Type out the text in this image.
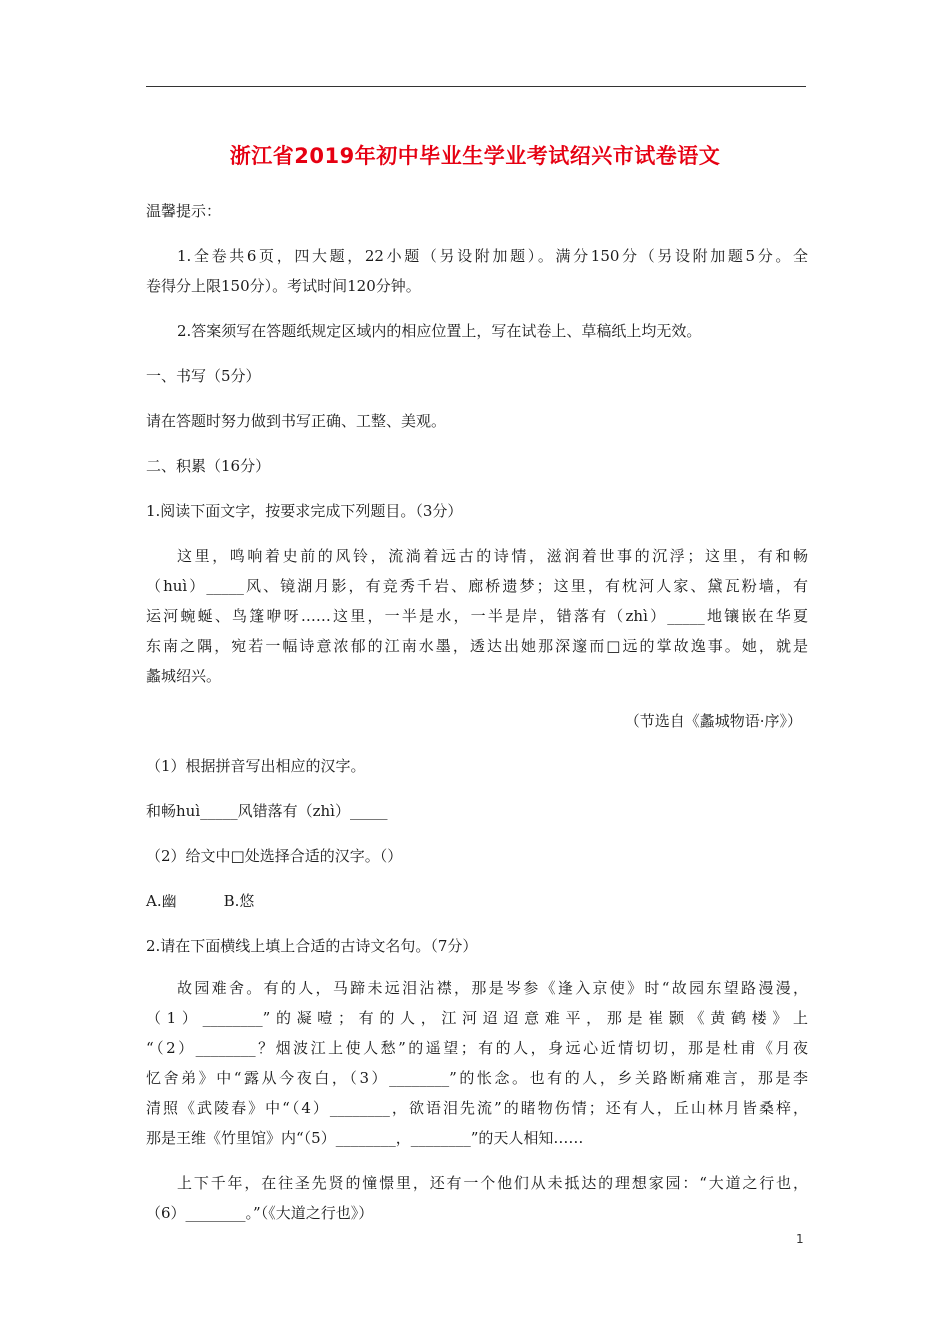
浙江省2019年初中毕业生学业考试绍兴市试卷语文
温馨提示：
1.全卷共6页，四大题，22小题（另设附加题）。满分150分（另设附加题5分。全
卷得分上限150分）。考试时间120分钟。
2.答案须写在答题纸规定区域内的相应位置上，写在试卷上、草稿纸上均无效。
一、书写（5分）
请在答题时努力做到书写正确、工整、美观。
二、积累（16分）
1.阅读下面文字，按要求完成下列题目。（3分）
这里，鸣响着史前的风铃，流淌着远古的诗情，滋润着世事的沉浮；这里，有和畅
（huì）_____风、镜湖月影，有竞秀千岩、廊桥遗梦；这里，有枕河人家、黛瓦粉墙，有
运河蜿蜒、鸟篷咿呀……这里，一半是水，一半是岸，错落有（zhì）_____地镶嵌在华夏
东南之隅，宛若一幅诗意浓郁的江南水墨，透达出她那深邃而□远的掌故逸事。她，就是
蠡城绍兴。
（节选自《蠡城物语·序》）
（1）根据拼音写出相应的汉字。
和畅huì_____风错落有（zhì）_____
（2）给文中□处选择合适的汉字。（）
A.幽	B.悠
2.请在下面横线上填上合适的古诗文名句。（7分）
故园难舍。有的人，马蹄未远泪沾襟，那是岑参《逢入京使》时“故园东望路漫漫，
（1）________”的凝噎；有的人，江河迢迢意难平，那是崔颢《黄鹤楼》上
“（2）________？烟波江上使人愁”的遥望；有的人，身远心近情切切，那是杜甫《月夜
忆舍弟》中“露从今夜白，（3）________”的怅念。也有的人，乡关路断痛难言，那是李
清照《武陵春》中“（4）________，欲语泪先流”的睹物伤情；还有人，丘山林月皆桑梓，
那是王维《竹里馆》内“（5）________，________”的天人相知……
上下千年，在往圣先贤的憧憬里，还有一个他们从未抵达的理想家园：“大道之行也，
（6）________。”（《大道之行也》）
1
